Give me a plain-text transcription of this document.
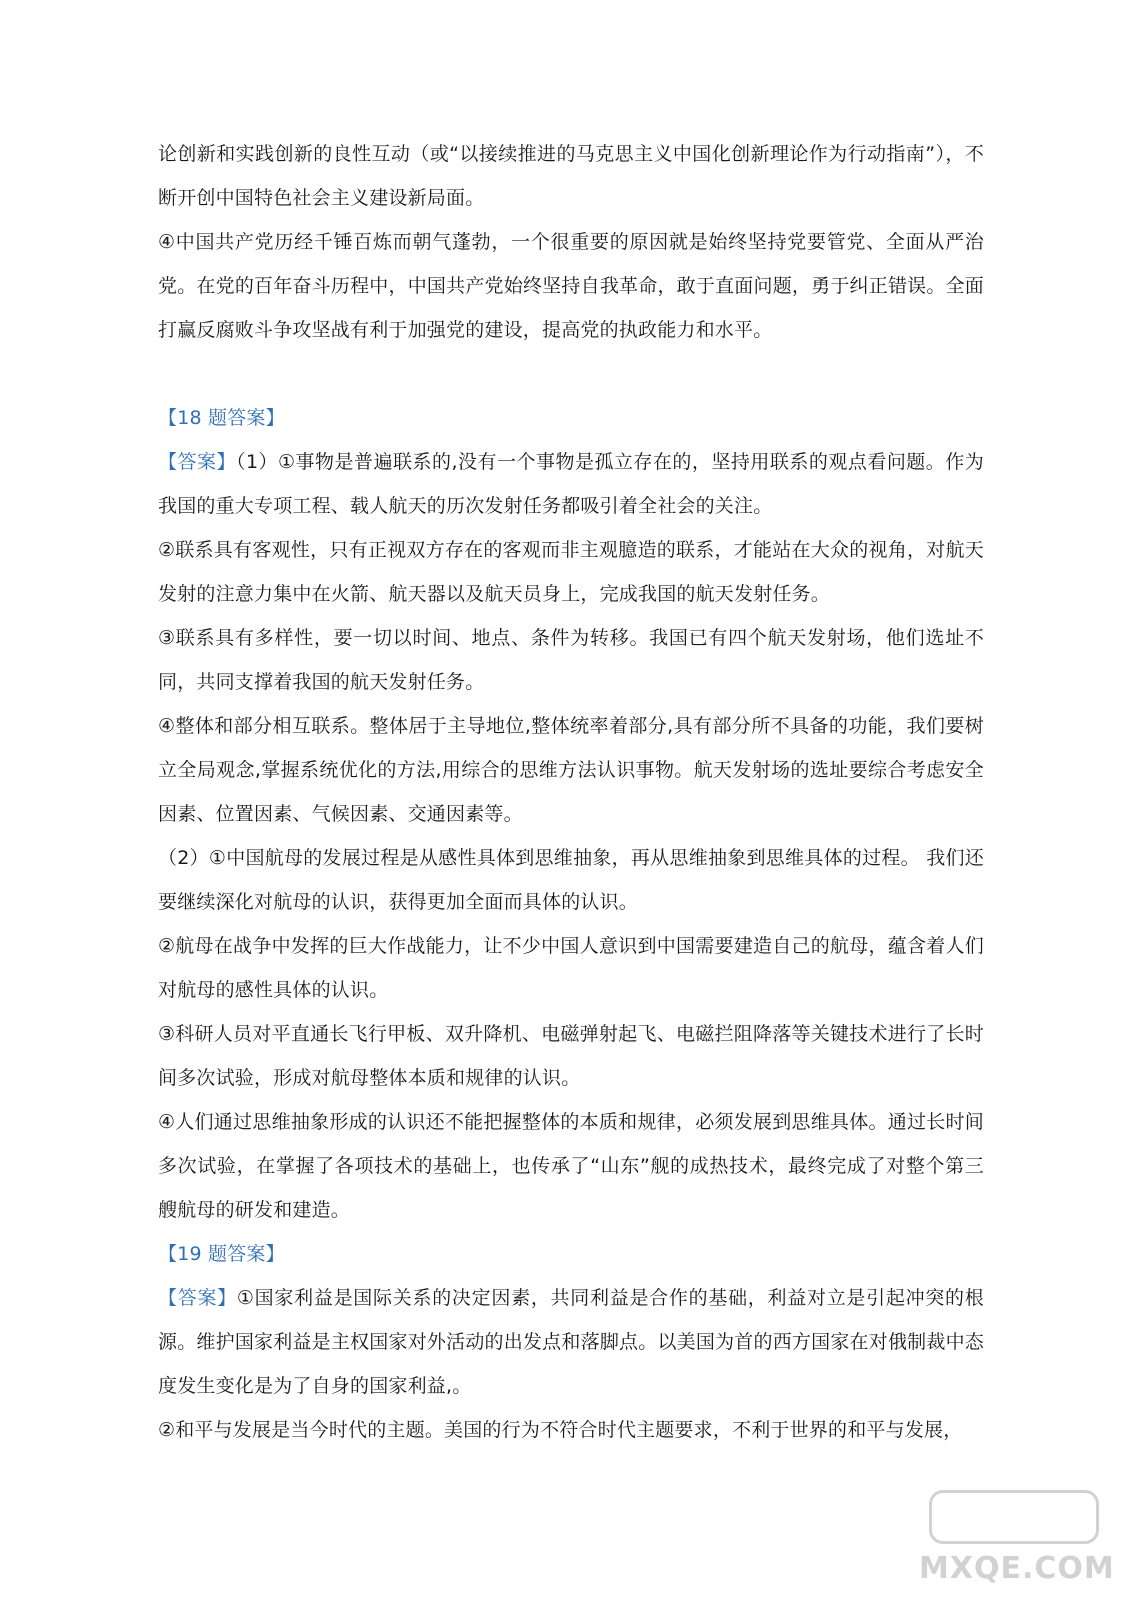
论创新和实践创新的良性互动（或“以接续推进的马克思主义中国化创新理论作为行动指南”），不断开创中国特色社会主义建设新局面。

④中国共产党历经千锤百炼而朝气蓬勃，一个很重要的原因就是始终坚持党要管党、全面从严治党。在党的百年奋斗历程中，中国共产党始终坚持自我革命，敢于直面问题，勇于纠正错误。全面打赢反腐败斗争攻坚战有利于加强党的建设，提高党的执政能力和水平。

【18 题答案】

【答案】（1）①事物是普遍联系的,没有一个事物是孤立存在的，坚持用联系的观点看问题。作为我国的重大专项工程、载人航天的历次发射任务都吸引着全社会的关注。

②联系具有客观性，只有正视双方存在的客观而非主观臆造的联系，才能站在大众的视角，对航天发射的注意力集中在火箭、航天器以及航天员身上，完成我国的航天发射任务。

③联系具有多样性，要一切以时间、地点、条件为转移。我国已有四个航天发射场，他们选址不同，共同支撑着我国的航天发射任务。

④整体和部分相互联系。整体居于主导地位,整体统率着部分,具有部分所不具备的功能，我们要树立全局观念,掌握系统优化的方法,用综合的思维方法认识事物。航天发射场的选址要综合考虑安全因素、位置因素、气候因素、交通因素等。

（2）①中国航母的发展过程是从感性具体到思维抽象，再从思维抽象到思维具体的过程。 我们还要继续深化对航母的认识，获得更加全面而具体的认识。

②航母在战争中发挥的巨大作战能力，让不少中国人意识到中国需要建造自己的航母，蕴含着人们对航母的感性具体的认识。

③科研人员对平直通长飞行甲板、双升降机、电磁弹射起飞、电磁拦阻降落等关键技术进行了长时间多次试验，形成对航母整体本质和规律的认识。

④人们通过思维抽象形成的认识还不能把握整体的本质和规律，必须发展到思维具体。通过长时间多次试验，在掌握了各项技术的基础上，也传承了“山东”舰的成热技术，最终完成了对整个第三艘航母的研发和建造。

【19 题答案】

【答案】①国家利益是国际关系的决定因素，共同利益是合作的基础，利益对立是引起冲突的根源。维护国家利益是主权国家对外活动的出发点和落脚点。以美国为首的西方国家在对俄制裁中态度发生变化是为了自身的国家利益,。

②和平与发展是当今时代的主题。美国的行为不符合时代主题要求，不利于世界的和平与发展，

MXQE.COM
